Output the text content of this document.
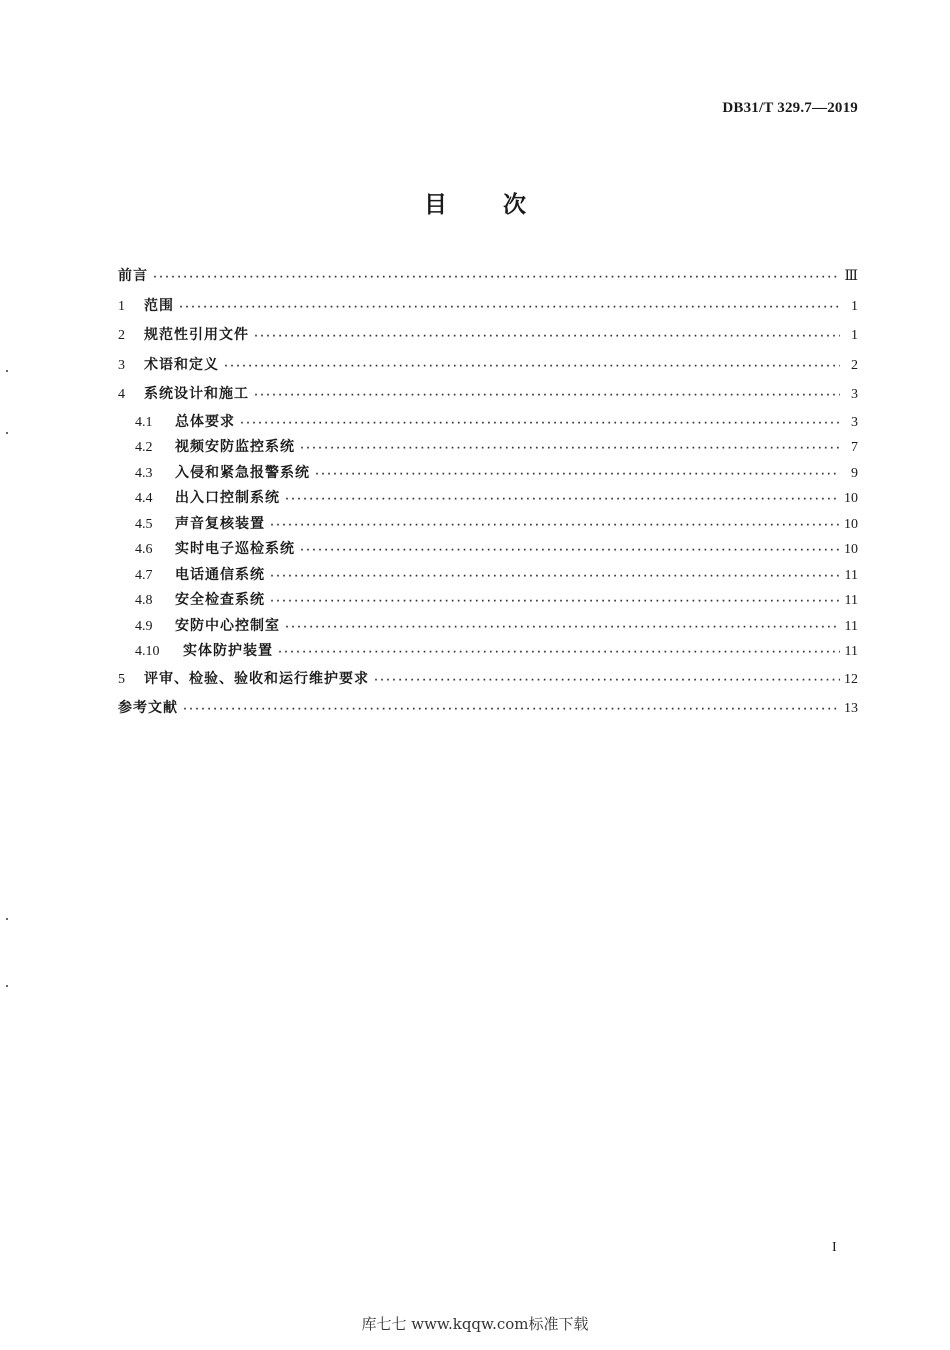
DB31/T 329.7—2019
目次
前言 ·····	Ⅲ
1	范围 ·····	1
2	规范性引用文件 ·····	1
3	术语和定义 ·····	2
4	系统设计和施工 ·····	3
4.1	总体要求 ·····	3
4.2	视频安防监控系统 ·····	7
4.3	入侵和紧急报警系统 ·····	9
4.4	出入口控制系统 ·····	10
4.5	声音复核装置 ·····	10
4.6	实时电子巡检系统 ·····	10
4.7	电话通信系统 ·····	11
4.8	安全检查系统 ·····	11
4.9	安防中心控制室 ·····	11
4.10	实体防护装置 ·····	11
5	评审、检验、验收和运行维护要求 ·····	12
参考文献 ·····	13
I
库七七 www.kqqw.com标准下载
